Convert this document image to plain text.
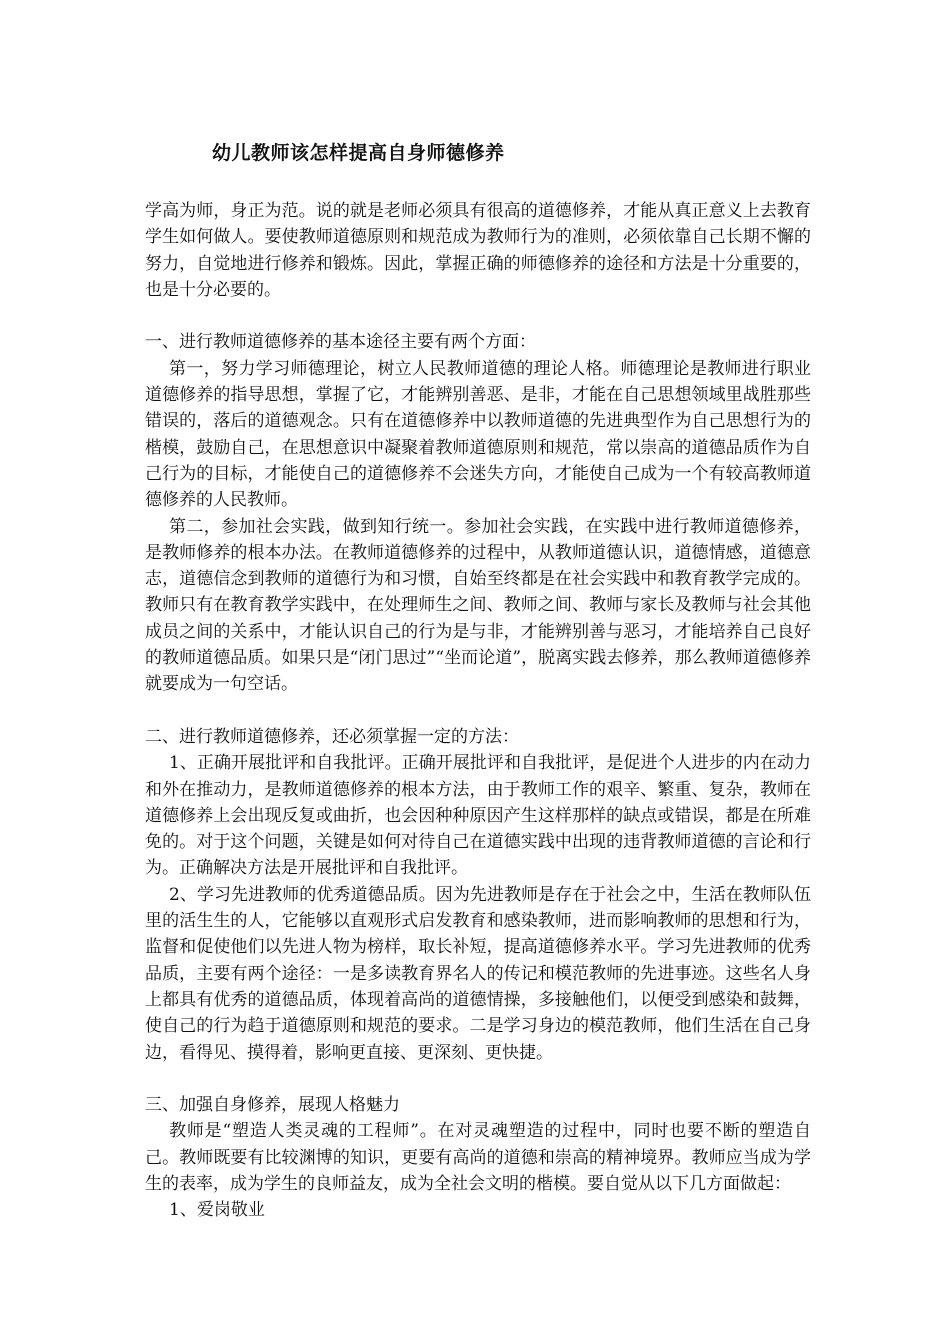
幼儿教师该怎样提高自身师德修养

学高为师，身正为范。说的就是老师必须具有很高的道德修养，才能从真正意义上去教育学生如何做人。要使教师道德原则和规范成为教师行为的准则，必须依靠自己长期不懈的努力，自觉地进行修养和锻炼。因此，掌握正确的师德修养的途径和方法是十分重要的，也是十分必要的。

一、进行教师道德修养的基本途径主要有两个方面：

第一，努力学习师德理论，树立人民教师道德的理论人格。师德理论是教师进行职业道德修养的指导思想，掌握了它，才能辨别善恶、是非，才能在自己思想领域里战胜那些错误的，落后的道德观念。只有在道德修养中以教师道德的先进典型作为自己思想行为的楷模，鼓励自己，在思想意识中凝聚着教师道德原则和规范，常以崇高的道德品质作为自己行为的目标，才能使自己的道德修养不会迷失方向，才能使自己成为一个有较高教师道德修养的人民教师。

第二，参加社会实践，做到知行统一。参加社会实践，在实践中进行教师道德修养，是教师修养的根本办法。在教师道德修养的过程中，从教师道德认识，道德情感，道德意志，道德信念到教师的道德行为和习惯，自始至终都是在社会实践中和教育教学完成的。教师只有在教育教学实践中，在处理师生之间、教师之间、教师与家长及教师与社会其他成员之间的关系中，才能认识自己的行为是与非，才能辨别善与恶习，才能培养自己良好的教师道德品质。如果只是“闭门思过”“坐而论道”，脱离实践去修养，那么教师道德修养就要成为一句空话。

二、进行教师道德修养，还必须掌握一定的方法：

1、正确开展批评和自我批评。正确开展批评和自我批评，是促进个人进步的内在动力和外在推动力，是教师道德修养的根本方法，由于教师工作的艰辛、繁重、复杂，教师在道德修养上会出现反复或曲折，也会因种种原因产生这样那样的缺点或错误，都是在所难免的。对于这个问题，关键是如何对待自己在道德实践中出现的违背教师道德的言论和行为。正确解决方法是开展批评和自我批评。

2、学习先进教师的优秀道德品质。因为先进教师是存在于社会之中，生活在教师队伍里的活生生的人，它能够以直观形式启发教育和感染教师，进而影响教师的思想和行为，监督和促使他们以先进人物为榜样，取长补短，提高道德修养水平。学习先进教师的优秀品质，主要有两个途径：一是多读教育界名人的传记和模范教师的先进事迹。这些名人身上都具有优秀的道德品质，体现着高尚的道德情操，多接触他们，以便受到感染和鼓舞，使自己的行为趋于道德原则和规范的要求。二是学习身边的模范教师，他们生活在自己身边，看得见、摸得着，影响更直接、更深刻、更快捷。

三、加强自身修养，展现人格魅力

教师是“塑造人类灵魂的工程师”。在对灵魂塑造的过程中，同时也要不断的塑造自己。教师既要有比较渊博的知识，更要有高尚的道德和崇高的精神境界。教师应当成为学生的表率，成为学生的良师益友，成为全社会文明的楷模。要自觉从以下几方面做起：

1、爱岗敬业
